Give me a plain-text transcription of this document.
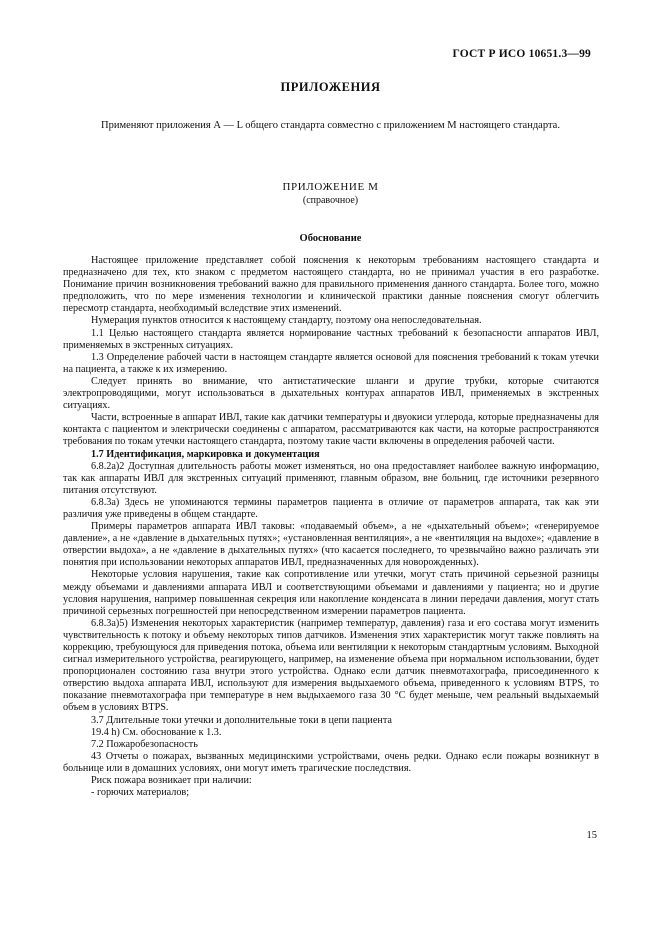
ГОСТ Р ИСО 10651.3—99
ПРИЛОЖЕНИЯ
Применяют приложения А — L общего стандарта совместно с приложением М настоящего стандарта.
ПРИЛОЖЕНИЕ М
(справочное)
Обоснование

Настоящее приложение представляет собой пояснения к некоторым требованиям настоящего стандарта и предназначено для тех, кто знаком с предметом настоящего стандарта, но не принимал участия в его разработке. Понимание причин возникновения требований важно для правильного применения данного стандарта. Более того, можно предположить, что по мере изменения технологии и клинической практики данные пояснения смогут облегчить пересмотр стандарта, необходимый вследствие этих изменений.

Нумерация пунктов относится к настоящему стандарту, поэтому она непоследовательная.

1.1 Целью настоящего стандарта является нормирование частных требований к безопасности аппаратов ИВЛ, применяемых в экстренных ситуациях.

1.3 Определение рабочей части в настоящем стандарте является основой для пояснения требований к токам утечки на пациента, а также к их измерению.

Следует принять во внимание, что антистатические шланги и другие трубки, которые считаются электропроводящими, могут использоваться в дыхательных контурах аппаратов ИВЛ, применяемых в экстренных ситуациях.

Части, встроенные в аппарат ИВЛ, такие как датчики температуры и двуокиси углерода, которые предназначены для контакта с пациентом и электрически соединены с аппаратом, рассматриваются как части, на которые распространяются требования по токам утечки настоящего стандарта, поэтому такие части включены в определения рабочей части.

1.7 Идентификация, маркировка и документация

6.8.2а)2 Доступная длительность работы может изменяться, но она предоставляет наиболее важную информацию, так как аппараты ИВЛ для экстренных ситуаций применяют, главным образом, вне больниц, где источники резервного питания отсутствуют.

6.8.3а) Здесь не упоминаются термины параметров пациента в отличие от параметров аппарата, так как эти различия уже приведены в общем стандарте.

Примеры параметров аппарата ИВЛ таковы: «подаваемый объем», а не «дыхательный объем»; «генерируемое давление», а не «давление в дыхательных путях»; «установленная вентиляция», а не «вентиляция на выдохе»; «давление в отверстии выдоха», а не «давление в дыхательных путях» (что касается последнего, то чрезвычайно важно различать эти понятия при использовании некоторых аппаратов ИВЛ, предназначенных для новорожденных).

Некоторые условия нарушения, такие как сопротивление или утечки, могут стать причиной серьезной разницы между объемами и давлениями аппарата ИВЛ и соответствующими объемами и давлениями у пациента; но и другие условия нарушения, например повышенная секреция или накопление конденсата в линии передачи давления, могут стать причиной серьезных погрешностей при непосредственном измерении параметров пациента.

6.8.3а)5) Изменения некоторых характеристик (например температур, давления) газа и его состава могут изменить чувствительность к потоку и объему некоторых типов датчиков. Изменения этих характеристик могут также повлиять на коррекцию, требующуюся для приведения потока, объема или вентиляции к некоторым стандартным условиям. Выходной сигнал измерительного устройства, реагирующего, например, на изменение объема при нормальном использовании, будет пропорционален состоянию газа внутри этого устройства. Однако если датчик пневмотахографа, присоединенного к отверстию выдоха аппарата ИВЛ, используют для измерения выдыхаемого объема, приведенного к условиям BTPS, то показание пневмотахографа при температуре в нем выдыхаемого газа 30 °С будет меньше, чем реальный выдыхаемый объем в условиях BTPS.

3.7 Длительные токи утечки и дополнительные токи в цепи пациента

19.4 h) См. обоснование к 1.3.

7.2 Пожаробезопасность

43 Отчеты о пожарах, вызванных медицинскими устройствами, очень редки. Однако если пожары возникнут в больнице или в домашних условиях, они могут иметь трагические последствия.

Риск пожара возникает при наличии:

- горючих материалов;

15
